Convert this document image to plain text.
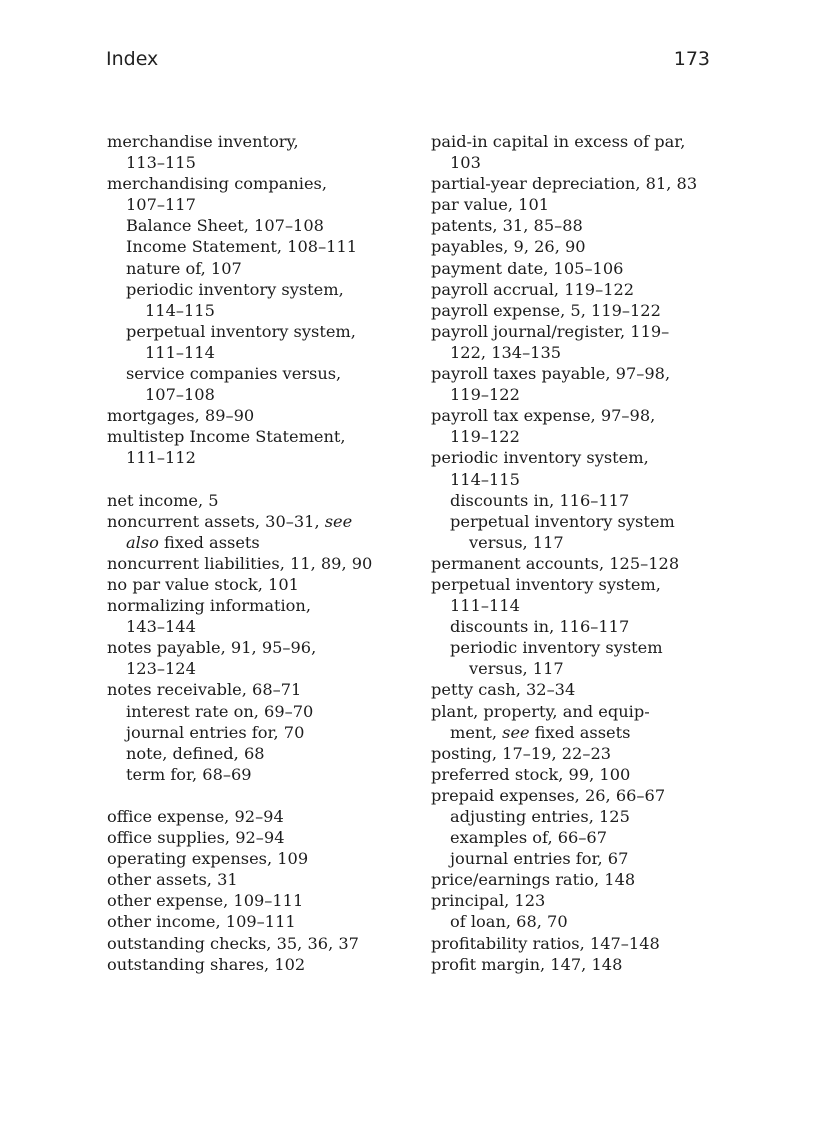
Index	173
merchandise inventory,
113–115
merchandising companies,
107–117
Balance Sheet, 107–108
Income Statement, 108–111
nature of, 107
periodic inventory system,
114–115
perpetual inventory system,
111–114
service companies versus,
107–108
mortgages, 89–90
multistep Income Statement,
111–112
net income, 5
noncurrent assets, 30–31, see
also fixed assets
noncurrent liabilities, 11, 89, 90
no par value stock, 101
normalizing information,
143–144
notes payable, 91, 95–96,
123–124
notes receivable, 68–71
interest rate on, 69–70
journal entries for, 70
note, defined, 68
term for, 68–69
office expense, 92–94
office supplies, 92–94
operating expenses, 109
other assets, 31
other expense, 109–111
other income, 109–111
outstanding checks, 35, 36, 37
outstanding shares, 102
paid-in capital in excess of par,
103
partial-year depreciation, 81, 83
par value, 101
patents, 31, 85–88
payables, 9, 26, 90
payment date, 105–106
payroll accrual, 119–122
payroll expense, 5, 119–122
payroll journal/register, 119–
122, 134–135
payroll taxes payable, 97–98,
119–122
payroll tax expense, 97–98,
119–122
periodic inventory system,
114–115
discounts in, 116–117
perpetual inventory system
versus, 117
permanent accounts, 125–128
perpetual inventory system,
111–114
discounts in, 116–117
periodic inventory system
versus, 117
petty cash, 32–34
plant, property, and equip-
ment, see fixed assets
posting, 17–19, 22–23
preferred stock, 99, 100
prepaid expenses, 26, 66–67
adjusting entries, 125
examples of, 66–67
journal entries for, 67
price/earnings ratio, 148
principal, 123
of loan, 68, 70
profitability ratios, 147–148
profit margin, 147, 148
